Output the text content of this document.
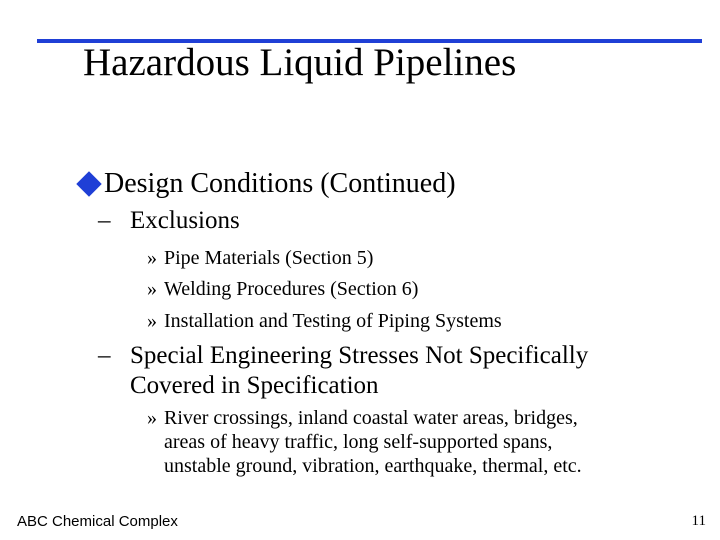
Hazardous Liquid Pipelines
Design Conditions (Continued)
– Exclusions
» Pipe Materials (Section 5)
» Welding Procedures (Section 6)
» Installation and Testing of Piping Systems
– Special Engineering Stresses Not Specifically
Covered in Specification
» River crossings, inland coastal water areas, bridges,
areas of heavy traffic, long self-supported spans,
unstable ground, vibration, earthquake, thermal, etc.
ABC Chemical Complex	11
